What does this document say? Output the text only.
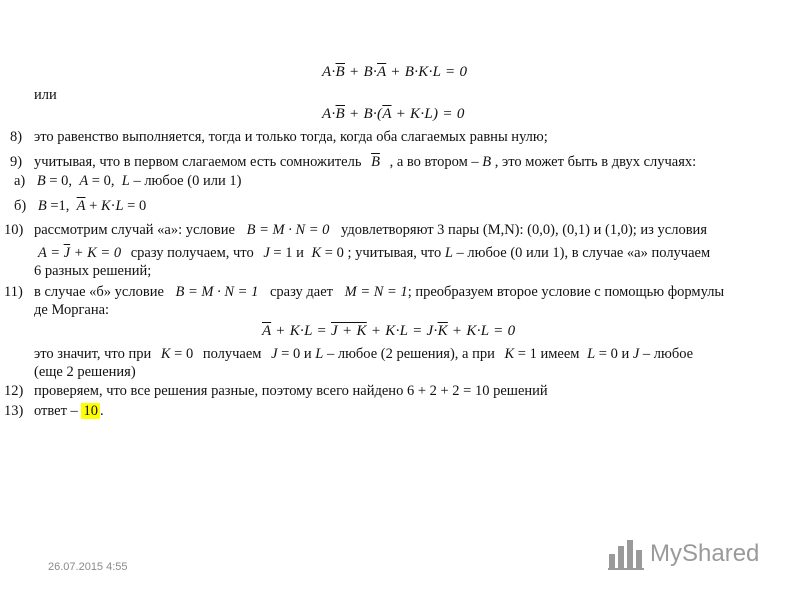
$A\cdot\overline{B} + B\cdot\overline{A} + B\cdot K\cdot L = 0$
или
$A\cdot\overline{B} + B\cdot(\overline{A} + K\cdot L) = 0$
8) это равенство выполняется, тогда и только тогда, когда оба слагаемых равны нулю;
9) учитывая, что в первом слагаемом есть сомножитель $\overline{B}$ , а во втором – B , это может быть в двух случаях:
а) B = 0,  A = 0,  L – любое (0 или 1)
б) B =1,  $\overline{A} + K\cdot L = 0$
10) рассмотрим случай «а»: условие B = M · N = 0 удовлетворяют 3 пары (M,N): (0,0), (0,1) и (1,0); из условия
$A = \overline{J} + K = 0$ сразу получаем, что J = 1 и K = 0 ; учитывая, что L – любое (0 или 1), в случае «а» получаем
6 разных решений;
11) в случае «б» условие B = M · N = 1 сразу дает M = N = 1; преобразуем второе условие с помощью формулы
де Моргана:
$\overline{A} + K\cdot L = J + K + K\cdot L = J\cdot\overline{K} + K\cdot L = 0$
это значит, что при K = 0 получаем J = 0 и L – любое (2 решения), а при K = 1 имеем L = 0 и J – любое
(еще 2 решения)
12) проверяем, что все решения разные, поэтому всего найдено 6 + 2 + 2 = 10 решений
13) ответ – 10 .
26.07.2015 4:55	MyShared
